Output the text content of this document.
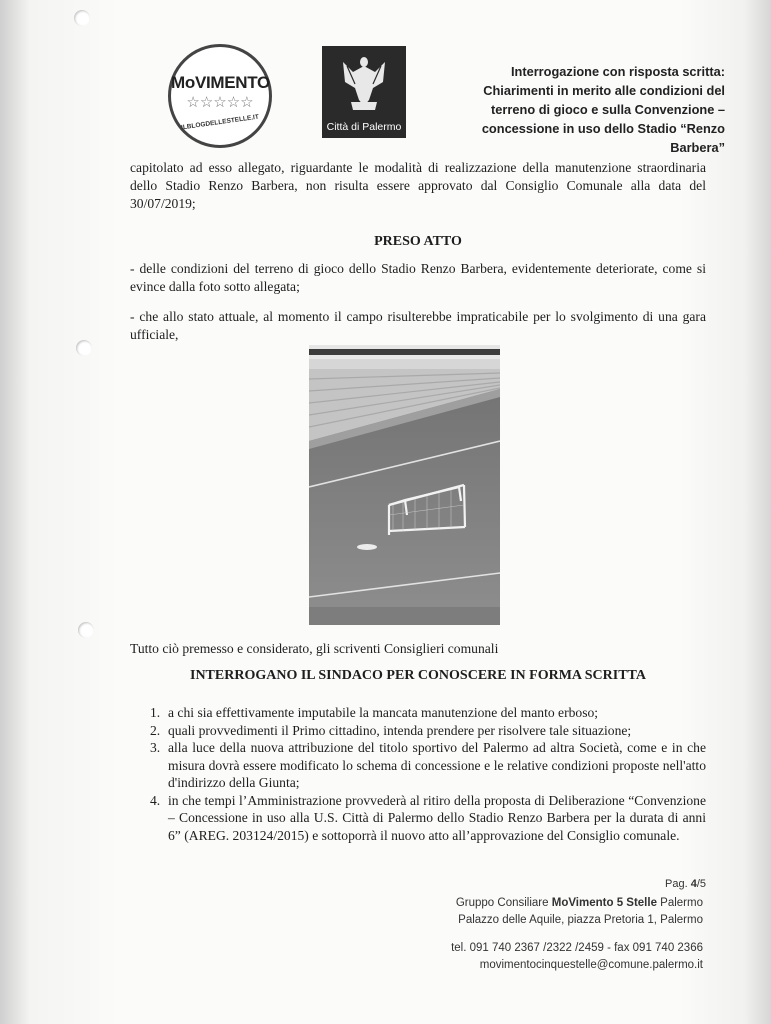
MoVIMENTO
☆☆☆☆☆
ILBLOGDELLESTELLE.IT	Città di Palermo
Interrogazione con risposta scritta:
Chiarimenti in merito alle condizioni del
terreno di gioco e sulla Convenzione –
concessione in uso dello Stadio “Renzo Barbera”
capitolato ad esso allegato, riguardante le modalità di realizzazione della manutenzione straordinaria dello Stadio Renzo Barbera, non risulta essere approvato dal Consiglio Comunale alla data del 30/07/2019;
PRESO ATTO
- delle condizioni del terreno di gioco dello Stadio Renzo Barbera, evidentemente deteriorate, come si evince dalla foto sotto allegata;
- che allo stato attuale, al momento il campo risulterebbe impraticabile per lo svolgimento di una gara ufficiale,
Tutto ciò premesso e considerato, gli scriventi Consiglieri comunali
INTERROGANO IL SINDACO PER CONOSCERE IN FORMA SCRITTA
1. a chi sia effettivamente imputabile la mancata manutenzione del manto erboso;
2. quali provvedimenti il Primo cittadino, intenda prendere per risolvere tale situazione;
3. alla luce della nuova attribuzione del titolo sportivo del Palermo ad altra Società, come e in che misura dovrà essere modificato lo schema di concessione e le relative condizioni proposte nell'atto d'indirizzo della Giunta;
4. in che tempi l’Amministrazione provvederà al ritiro della proposta di Deliberazione “Convenzione – Concessione in uso alla U.S. Città di Palermo dello Stadio Renzo Barbera per la durata di anni 6” (AREG. 203124/2015) e sottoporrà il nuovo atto all’approvazione del Consiglio comunale.
Pag. 4/5
Gruppo Consiliare MoVimento 5 Stelle Palermo
Palazzo delle Aquile, piazza Pretoria 1, Palermo
tel. 091 740 2367 /2322 /2459 - fax 091 740 2366
movimentocinquestelle@comune.palermo.it
